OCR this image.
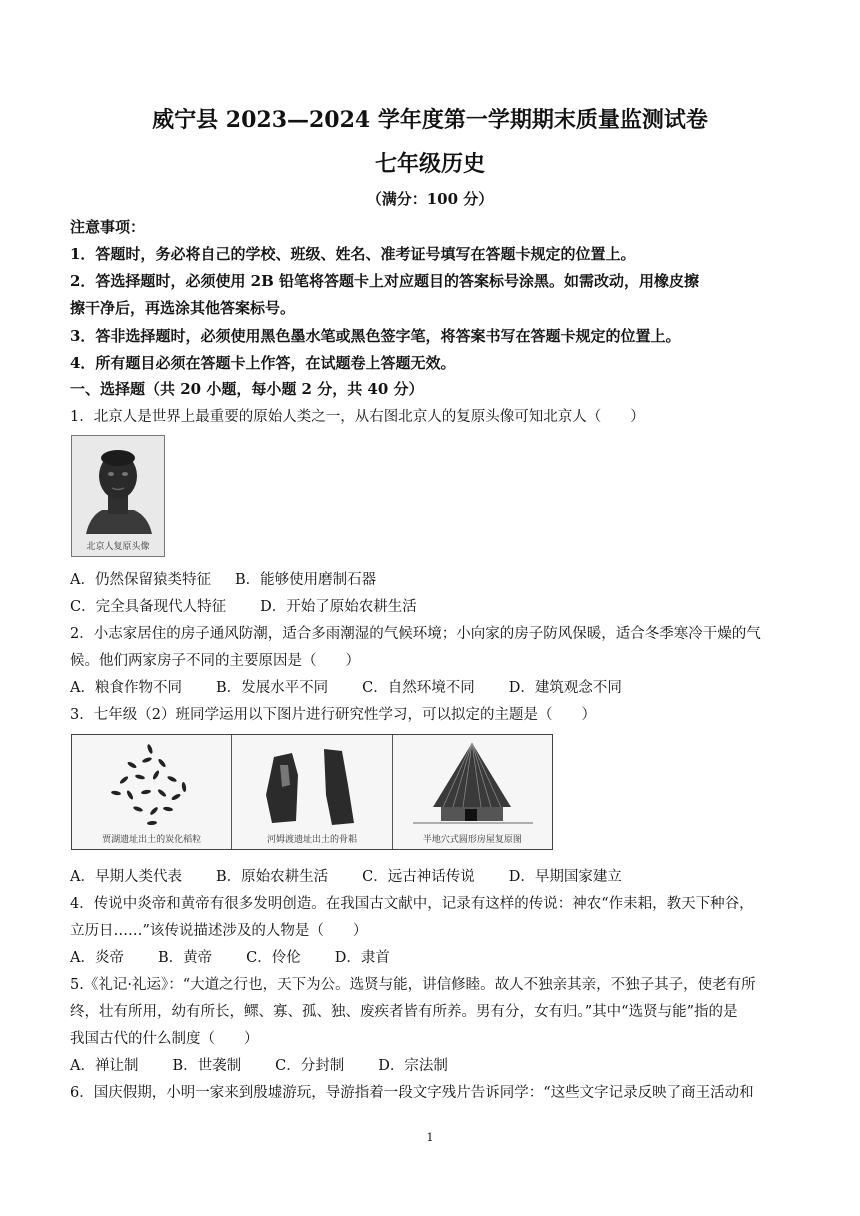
威宁县 2023—2024 学年度第一学期期末质量监测试卷
七年级历史
（满分：100 分）
注意事项：
1．答题时，务必将自己的学校、班级、姓名、准考证号填写在答题卡规定的位置上。
2．答选择题时，必须使用 2B 铅笔将答题卡上对应题目的答案标号涂黑。如需改动，用橡皮擦
擦干净后，再选涂其他答案标号。
3．答非选择题时，必须使用黑色墨水笔或黑色签字笔，将答案书写在答题卡规定的位置上。
4．所有题目必须在答题卡上作答，在试题卷上答题无效。
一、选择题（共 20 小题，每小题 2 分，共 40 分）
1．北京人是世界上最重要的原始人类之一，从右图北京人的复原头像可知北京人（　　）
北京人复原头像
A．仍然保留猿类特征 B．能够使用磨制石器
C．完全具备现代人特征 D．开始了原始农耕生活
2．小志家居住的房子通风防潮，适合多雨潮湿的气候环境；小向家的房子防风保暖，适合冬季寒冷干燥的气
候。他们两家房子不同的主要原因是（　　）
A．粮食作物不同 B．发展水平不同 C．自然环境不同 D．建筑观念不同
3．七年级（2）班同学运用以下图片进行研究性学习，可以拟定的主题是（　　）
贾湖遗址出土的炭化稻粒	河姆渡遗址出土的骨耜	半地穴式圆形房屋复原图
A．早期人类代表 B．原始农耕生活 C．远古神话传说 D．早期国家建立
4．传说中炎帝和黄帝有很多发明创造。在我国古文献中，记录有这样的传说：神农“作耒耜，教天下种谷，
立历日……”该传说描述涉及的人物是（　　）
A．炎帝 B．黄帝 C．伶伦 D．隶首
5.《礼记·礼运》：“大道之行也，天下为公。选贤与能，讲信修睦。故人不独亲其亲，不独子其子，使老有所
终，壮有所用，幼有所长，鳏、寡、孤、独、废疾者皆有所养。男有分，女有归。”其中“选贤与能”指的是
我国古代的什么制度（　　）
A．禅让制 B．世袭制 C．分封制 D．宗法制
6．国庆假期，小明一家来到殷墟游玩，导游指着一段文字残片告诉同学：“这些文字记录反映了商王活动和
1
